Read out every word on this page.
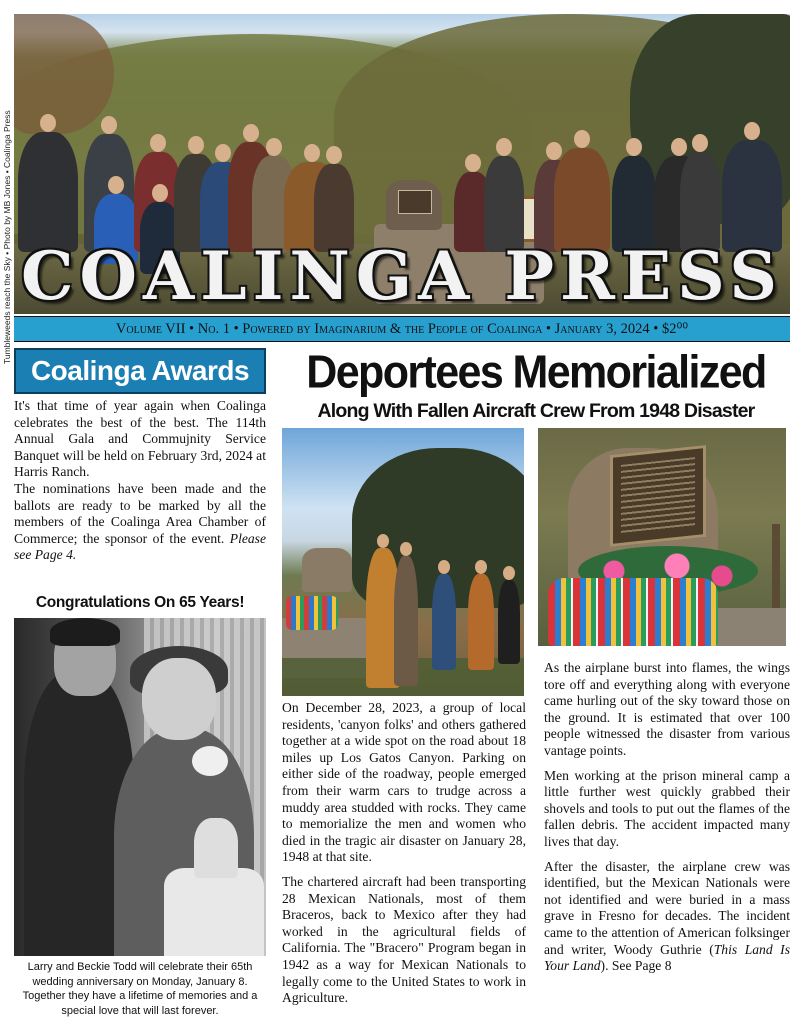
Tumbleweeds reach the Sky • Photo by MB Jones • Coalinga Press COALINGA PRESS
Volume VII • No. 1 • Powered by Imaginarium & the People of Coalinga • January 3, 2024 • $2⁰⁰
Coalinga Awards

It's that time of year again when Coalinga celebrates the best of the best. The 114th Annual Gala and Commujnity Service Banquet will be held on February 3rd, 2024 at Harris Ranch.

The nominations have been made and the ballots are ready to be marked by all the members of the Coalinga Area Chamber of Commerce; the sponsor of the event. Please see Page 4.

Congratulations On 65 Years!
Larry and Beckie Todd will celebrate their 65th wedding anniversary on Monday, January 8. Together they have a lifetime of memories and a special love that will last forever.
Deportees Memorialized
Along With Fallen Aircraft Crew From 1948 Disaster

On December 28, 2023, a group of local residents, 'canyon folks' and others gathered together at a wide spot on the road about 18 miles up Los Gatos Canyon. Parking on either side of the roadway, people emerged from their warm cars to trudge across a muddy area studded with rocks. They came to memorialize the men and women who died in the tragic air disaster on January 28, 1948 at that site.

The chartered aircraft had been transporting 28 Mexican Nationals, most of them Braceros, back to Mexico after they had worked in the agricultural fields of California. The "Bracero" Program began in 1942 as a way for Mexican Nationals to legally come to the United States to work in Agriculture.

As the airplane burst into flames, the wings tore off and everything along with everyone came hurling out of the sky toward those on the ground. It is estimated that over 100 people witnessed the disaster from various vantage points.

Men working at the prison mineral camp a little further west quickly grabbed their shovels and tools to put out the flames of the fallen debris. The accident impacted many lives that day.

After the disaster, the airplane crew was identified, but the Mexican Nationals were not identified and were buried in a mass grave in Fresno for decades. The incident came to the attention of American folksinger and writer, Woody Guthrie (This Land Is Your Land). See Page 8
